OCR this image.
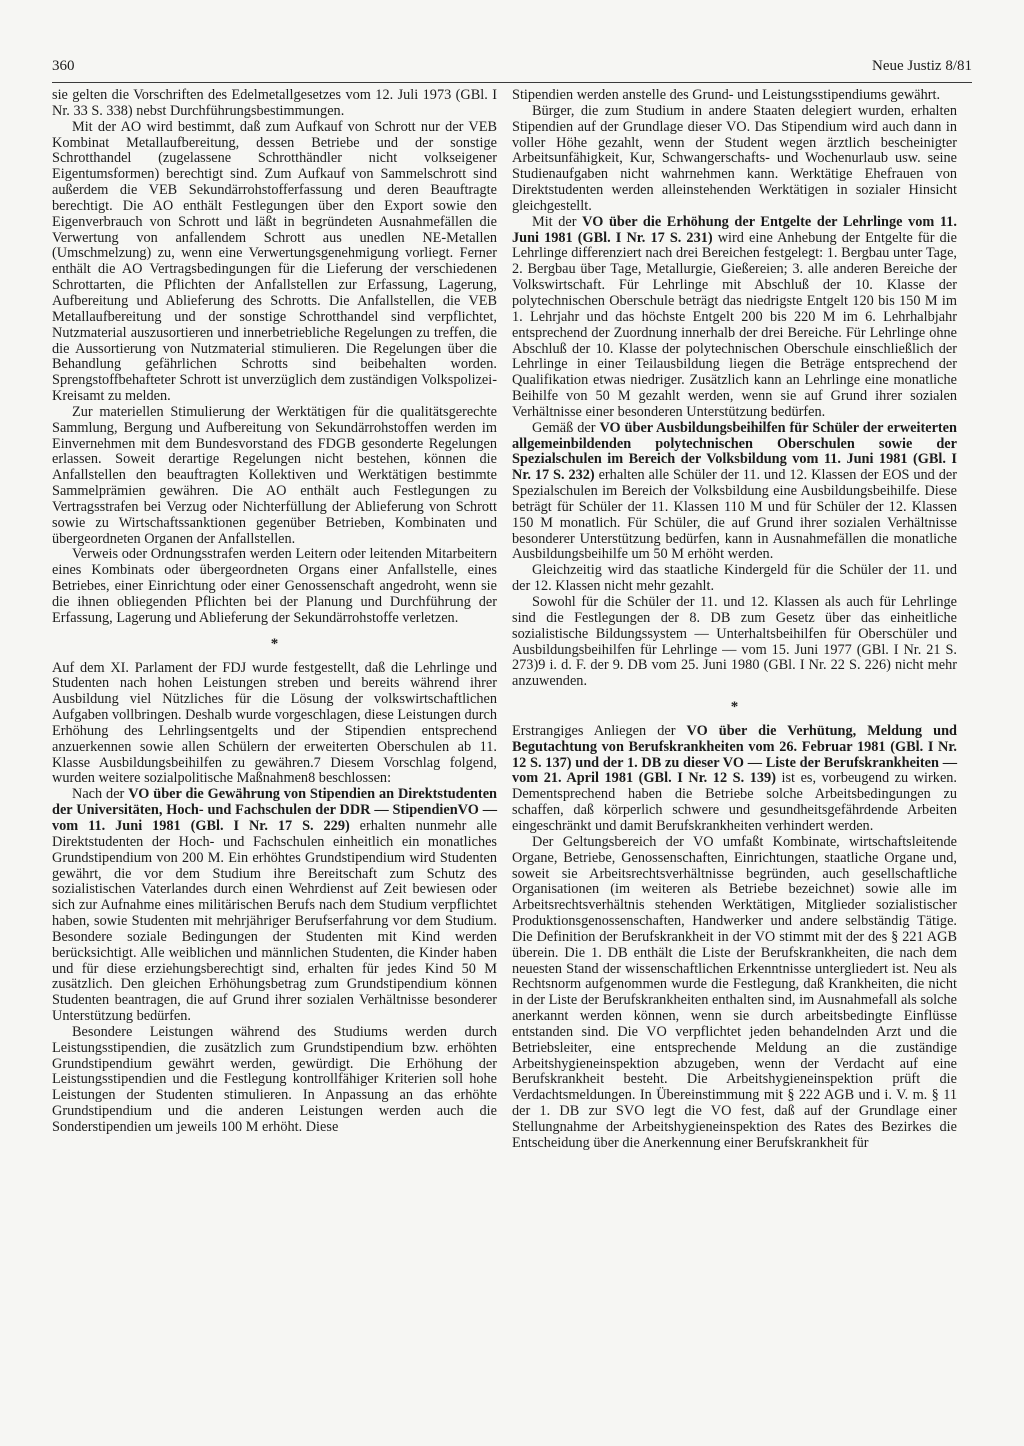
360	Neue Justiz 8/81

sie gelten die Vorschriften des Edelmetallgesetzes vom 12. Juli 1973 (GBl. I Nr. 33 S. 338) nebst Durchführungsbestimmungen.

Mit der AO wird bestimmt, daß zum Aufkauf von Schrott nur der VEB Kombinat Metallaufbereitung, dessen Betriebe und der sonstige Schrotthandel (zugelassene Schrotthändler nicht volkseigener Eigentumsformen) berechtigt sind. Zum Aufkauf von Sammelschrott sind außerdem die VEB Sekundärrohstofferfassung und deren Beauftragte berechtigt. Die AO enthält Festlegungen über den Export sowie den Eigenverbrauch von Schrott und läßt in begründeten Ausnahmefällen die Verwertung von anfallendem Schrott aus unedlen NE-Metallen (Umschmelzung) zu, wenn eine Verwertungsgenehmigung vorliegt. Ferner enthält die AO Vertragsbedingungen für die Lieferung der verschiedenen Schrottarten, die Pflichten der Anfallstellen zur Erfassung, Lagerung, Aufbereitung und Ablieferung des Schrotts. Die Anfallstellen, die VEB Metallaufbereitung und der sonstige Schrotthandel sind verpflichtet, Nutzmaterial auszusortieren und innerbetriebliche Regelungen zu treffen, die die Aussortierung von Nutzmaterial stimulieren. Die Regelungen über die Behandlung gefährlichen Schrotts sind beibehalten worden. Sprengstoffbehafteter Schrott ist unverzüglich dem zuständigen Volkspolizei-Kreisamt zu melden.

Zur materiellen Stimulierung der Werktätigen für die qualitätsgerechte Sammlung, Bergung und Aufbereitung von Sekundärrohstoffen werden im Einvernehmen mit dem Bundesvorstand des FDGB gesonderte Regelungen erlassen. Soweit derartige Regelungen nicht bestehen, können die Anfallstellen den beauftragten Kollektiven und Werktätigen bestimmte Sammelprämien gewähren. Die AO enthält auch Festlegungen zu Vertragsstrafen bei Verzug oder Nichterfüllung der Ablieferung von Schrott sowie zu Wirtschaftssanktionen gegenüber Betrieben, Kombinaten und übergeordneten Organen der Anfallstellen.

Verweis oder Ordnungsstrafen werden Leitern oder leitenden Mitarbeitern eines Kombinats oder übergeordneten Organs einer Anfallstelle, eines Betriebes, einer Einrichtung oder einer Genossenschaft angedroht, wenn sie die ihnen obliegenden Pflichten bei der Planung und Durchführung der Erfassung, Lagerung und Ablieferung der Sekundärrohstoffe verletzen.

*

Auf dem XI. Parlament der FDJ wurde festgestellt, daß die Lehrlinge und Studenten nach hohen Leistungen streben und bereits während ihrer Ausbildung viel Nützliches für die Lösung der volkswirtschaftlichen Aufgaben vollbringen. Deshalb wurde vorgeschlagen, diese Leistungen durch Erhöhung des Lehrlingsentgelts und der Stipendien entsprechend anzuerkennen sowie allen Schülern der erweiterten Oberschulen ab 11. Klasse Ausbildungsbeihilfen zu gewähren.7 Diesem Vorschlag folgend, wurden weitere sozialpolitische Maßnahmen8 beschlossen:

Nach der VO über die Gewährung von Stipendien an Direktstudenten der Universitäten, Hoch- und Fachschulen der DDR — StipendienVO — vom 11. Juni 1981 (GBl. I Nr. 17 S. 229) erhalten nunmehr alle Direktstudenten der Hoch- und Fachschulen einheitlich ein monatliches Grundstipendium von 200 M. Ein erhöhtes Grundstipendium wird Studenten gewährt, die vor dem Studium ihre Bereitschaft zum Schutz des sozialistischen Vaterlandes durch einen Wehrdienst auf Zeit bewiesen oder sich zur Aufnahme eines militärischen Berufs nach dem Studium verpflichtet haben, sowie Studenten mit mehrjähriger Berufserfahrung vor dem Studium. Besondere soziale Bedingungen der Studenten mit Kind werden berücksichtigt. Alle weiblichen und männlichen Studenten, die Kinder haben und für diese erziehungsberechtigt sind, erhalten für jedes Kind 50 M zusätzlich. Den gleichen Erhöhungsbetrag zum Grundstipendium können Studenten beantragen, die auf Grund ihrer sozialen Verhältnisse besonderer Unterstützung bedürfen.

Besondere Leistungen während des Studiums werden durch Leistungsstipendien, die zusätzlich zum Grundstipendium bzw. erhöhten Grundstipendium gewährt werden, gewürdigt. Die Erhöhung der Leistungsstipendien und die Festlegung kontrollfähiger Kriterien soll hohe Leistungen der Studenten stimulieren. In Anpassung an das erhöhte Grundstipendium und die anderen Leistungen werden auch die Sonderstipendien um jeweils 100 M erhöht. Diese

Stipendien werden anstelle des Grund- und Leistungsstipendiums gewährt.

Bürger, die zum Studium in andere Staaten delegiert wurden, erhalten Stipendien auf der Grundlage dieser VO. Das Stipendium wird auch dann in voller Höhe gezahlt, wenn der Student wegen ärztlich bescheinigter Arbeitsunfähigkeit, Kur, Schwangerschafts- und Wochenurlaub usw. seine Studienaufgaben nicht wahrnehmen kann. Werktätige Ehefrauen von Direktstudenten werden alleinstehenden Werktätigen in sozialer Hinsicht gleichgestellt.

Mit der VO über die Erhöhung der Entgelte der Lehrlinge vom 11. Juni 1981 (GBl. I Nr. 17 S. 231) wird eine Anhebung der Entgelte für die Lehrlinge differenziert nach drei Bereichen festgelegt: 1. Bergbau unter Tage, 2. Bergbau über Tage, Metallurgie, Gießereien; 3. alle anderen Bereiche der Volkswirtschaft. Für Lehrlinge mit Abschluß der 10. Klasse der polytechnischen Oberschule beträgt das niedrigste Entgelt 120 bis 150 M im 1. Lehrjahr und das höchste Entgelt 200 bis 220 M im 6. Lehrhalbjahr entsprechend der Zuordnung innerhalb der drei Bereiche. Für Lehrlinge ohne Abschluß der 10. Klasse der polytechnischen Oberschule einschließlich der Lehrlinge in einer Teilausbildung liegen die Beträge entsprechend der Qualifikation etwas niedriger. Zusätzlich kann an Lehrlinge eine monatliche Beihilfe von 50 M gezahlt werden, wenn sie auf Grund ihrer sozialen Verhältnisse einer besonderen Unterstützung bedürfen.

Gemäß der VO über Ausbildungsbeihilfen für Schüler der erweiterten allgemeinbildenden polytechnischen Oberschulen sowie der Spezialschulen im Bereich der Volksbildung vom 11. Juni 1981 (GBl. I Nr. 17 S. 232) erhalten alle Schüler der 11. und 12. Klassen der EOS und der Spezialschulen im Bereich der Volksbildung eine Ausbildungsbeihilfe. Diese beträgt für Schüler der 11. Klassen 110 M und für Schüler der 12. Klassen 150 M monatlich. Für Schüler, die auf Grund ihrer sozialen Verhältnisse besonderer Unterstützung bedürfen, kann in Ausnahmefällen die monatliche Ausbildungsbeihilfe um 50 M erhöht werden.

Gleichzeitig wird das staatliche Kindergeld für die Schüler der 11. und der 12. Klassen nicht mehr gezahlt.

Sowohl für die Schüler der 11. und 12. Klassen als auch für Lehrlinge sind die Festlegungen der 8. DB zum Gesetz über das einheitliche sozialistische Bildungssystem — Unterhaltsbeihilfen für Oberschüler und Ausbildungsbeihilfen für Lehrlinge — vom 15. Juni 1977 (GBl. I Nr. 21 S. 273)9 i. d. F. der 9. DB vom 25. Juni 1980 (GBl. I Nr. 22 S. 226) nicht mehr anzuwenden.

*

Erstrangiges Anliegen der VO über die Verhütung, Meldung und Begutachtung von Berufskrankheiten vom 26. Februar 1981 (GBl. I Nr. 12 S. 137) und der 1. DB zu dieser VO — Liste der Berufskrankheiten — vom 21. April 1981 (GBl. I Nr. 12 S. 139) ist es, vorbeugend zu wirken. Dementsprechend haben die Betriebe solche Arbeitsbedingungen zu schaffen, daß körperlich schwere und gesundheitsgefährdende Arbeiten eingeschränkt und damit Berufskrankheiten verhindert werden.

Der Geltungsbereich der VO umfaßt Kombinate, wirtschaftsleitende Organe, Betriebe, Genossenschaften, Einrichtungen, staatliche Organe und, soweit sie Arbeitsrechtsverhältnisse begründen, auch gesellschaftliche Organisationen (im weiteren als Betriebe bezeichnet) sowie alle im Arbeitsrechtsverhältnis stehenden Werktätigen, Mitglieder sozialistischer Produktionsgenossenschaften, Handwerker und andere selbständig Tätige. Die Definition der Berufskrankheit in der VO stimmt mit der des § 221 AGB überein. Die 1. DB enthält die Liste der Berufskrankheiten, die nach dem neuesten Stand der wissenschaftlichen Erkenntnisse untergliedert ist. Neu als Rechtsnorm aufgenommen wurde die Festlegung, daß Krankheiten, die nicht in der Liste der Berufskrankheiten enthalten sind, im Ausnahmefall als solche anerkannt werden können, wenn sie durch arbeitsbedingte Einflüsse entstanden sind. Die VO verpflichtet jeden behandelnden Arzt und die Betriebsleiter, eine entsprechende Meldung an die zuständige Arbeitshygieneinspektion abzugeben, wenn der Verdacht auf eine Berufskrankheit besteht. Die Arbeitshygieneinspektion prüft die Verdachtsmeldungen. In Übereinstimmung mit § 222 AGB und i. V. m. § 11 der 1. DB zur SVO legt die VO fest, daß auf der Grundlage einer Stellungnahme der Arbeitshygieneinspektion des Rates des Bezirkes die Entscheidung über die Anerkennung einer Berufskrankheit für
